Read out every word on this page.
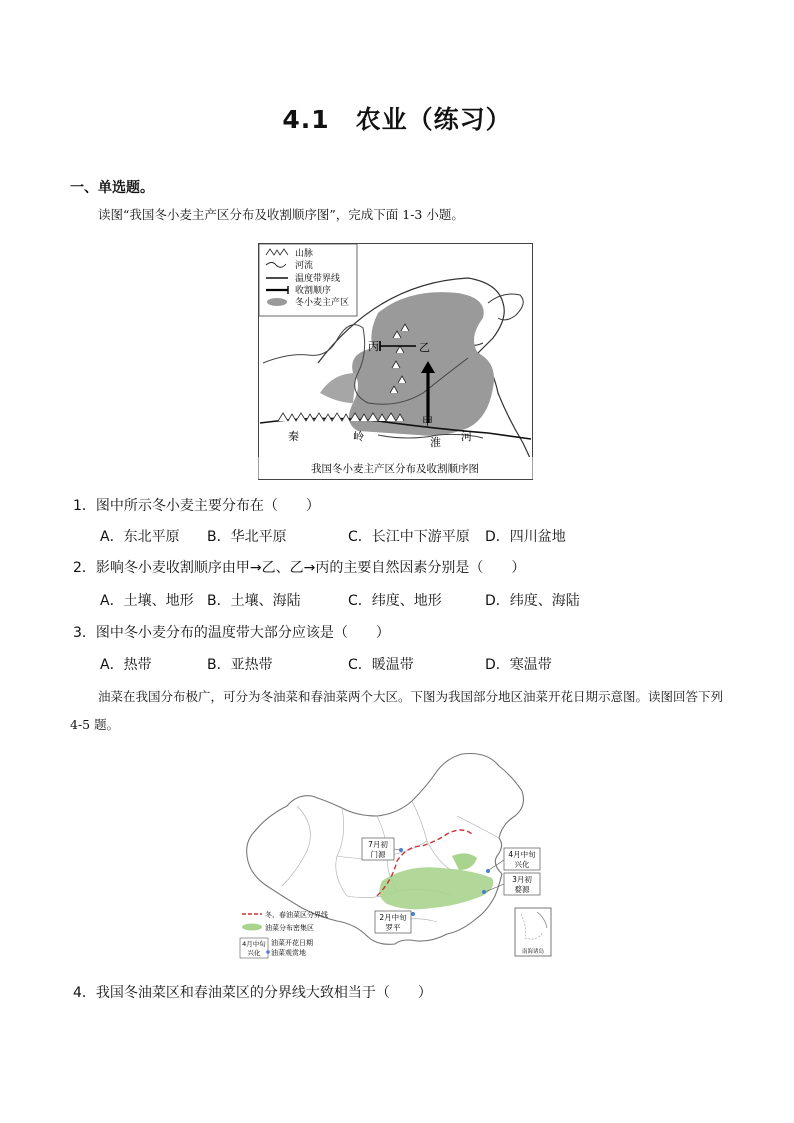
4.1　农业（练习）
一、单选题。
读图“我国冬小麦主产区分布及收割顺序图”，完成下面 1-3 小题。
丙	乙
甲
秦	岭	淮 河
山脉
河流
温度带界线
收割顺序
冬小麦主产区
我国冬小麦主产区分布及收割顺序图
1．图中所示冬小麦主要分布在（　　）
A．东北平原 B．华北平原	C．长江中下游平原 D．四川盆地
2．影响冬小麦收割顺序由甲→乙、乙→丙的主要自然因素分别是（　　）
A．土壤、地形 B．土壤、海陆	C．纬度、地形	D．纬度、海陆
3．图中冬小麦分布的温度带大部分应该是（　　）
A．热带	B．亚热带	C．暖温带	D．寒温带
油菜在我国分布极广，可分为冬油菜和春油菜两个大区。下图为我国部分地区油菜开花日期示意图。读图回答下列 4-5 题。
7月初
门源	4月中旬
兴化
3月初
婺源
2月中旬
罗平
冬、春油菜区分界线
油菜分布密集区
4月中旬
兴化
油菜开花日期
油菜观赏地	南海诸岛
4．我国冬油菜区和春油菜区的分界线大致相当于（　　）
